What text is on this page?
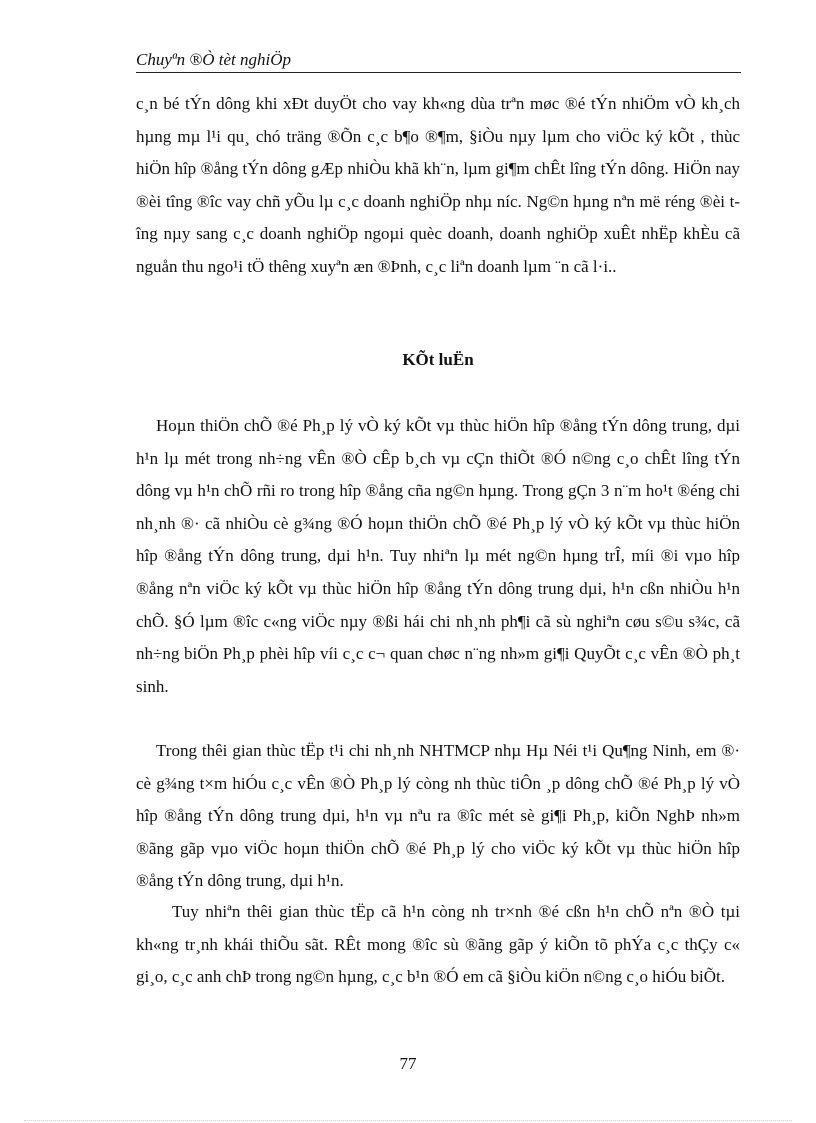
Chuyªn ®Ò tèt nghiÖp

c¸n bé tÝn dông khi xÐt duyÖt cho vay kh«ng dùa trªn møc ®é tÝn nhiÖm vÒ kh¸ch hµng mµ l¹i qu¸ chó träng ®Õn c¸c b¶o ®¶m, §iÒu nµy lµm cho viÖc ký kÕt , thùc hiÖn hîp ®ång tÝn dông gÆp nhiÒu khã kh¨n, lµm gi¶m chÊt lîng tÝn dông. HiÖn nay ®èi tîng ®îc vay chñ yÕu lµ c¸c doanh nghiÖp nhµ níc. Ng©n hµng nªn më réng ®èi tîng nµy sang c¸c doanh nghiÖp ngoµi quèc doanh, doanh nghiÖp xuÊt nhËp khÈu cã nguån thu ngo¹i tÖ thêng xuyªn æn ®Þnh, c¸c liªn doanh lµm ¨n cã l·i..

KÕt luËn

Hoµn thiÖn chÕ ®é Ph¸p lý vÒ ký kÕt vµ thùc hiÖn hîp ®ång tÝn dông trung, dµi h¹n lµ mét trong nh÷ng vÊn ®Ò cÊp b¸ch vµ cÇn thiÕt ®Ó n©ng c¸o chÊt lîng tÝn dông vµ h¹n chÕ rñi ro trong hîp ®ång cña ng©n hµng. Trong gÇn 3 n¨m ho¹t ®éng chi nh¸nh ®· cã nhiÒu cè g¾ng ®Ó hoµn thiÖn chÕ ®é Ph¸p lý vÒ ký kÕt vµ thùc hiÖn hîp ®ång tÝn dông trung, dµi h¹n. Tuy nhiªn lµ mét ng©n hµng trÎ, míi ®i vµo hîp ®ång nªn viÖc ký kÕt vµ thùc hiÖn hîp ®ång tÝn dông trung dµi, h¹n cßn nhiÒu h¹n chÕ. §Ó lµm ®îc c«ng viÖc nµy ®ßi hái chi nh¸nh ph¶i cã sù nghiªn cøu s©u s¾c, cã nh÷ng biÖn Ph¸p phèi hîp víi c¸c c¬ quan chøc n¨ng nh»m gi¶i QuyÕt c¸c vÊn ®Ò ph¸t sinh.

Trong thêi gian thùc tËp t¹i chi nh¸nh NHTMCP nhµ Hµ Néi t¹i Qu¶ng Ninh, em ®· cè g¾ng t×m hiÓu c¸c vÊn ®Ò Ph¸p lý còng nh thùc tiÔn ¸p dông chÕ ®é Ph¸p lý vÒ hîp ®ång tÝn dông trung dµi, h¹n vµ nªu ra ®îc mét sè gi¶i Ph¸p, kiÕn NghÞ nh»m ®ãng gãp vµo viÖc hoµn thiÖn chÕ ®é Ph¸p lý cho viÖc ký kÕt vµ thùc hiÖn hîp ®ång tÝn dông trung, dµi h¹n.

Tuy nhiªn thêi gian thùc tËp cã h¹n còng nh tr×nh ®é cßn h¹n chÕ nªn ®Ò tµi kh«ng tr¸nh khái thiÕu sãt. RÊt mong ®îc sù ®ãng gãp ý kiÕn tõ phÝa c¸c thÇy c« gi¸o, c¸c anh chÞ trong ng©n hµng, c¸c b¹n ®Ó em cã §iÒu kiÖn n©ng c¸o hiÓu biÕt.

77
